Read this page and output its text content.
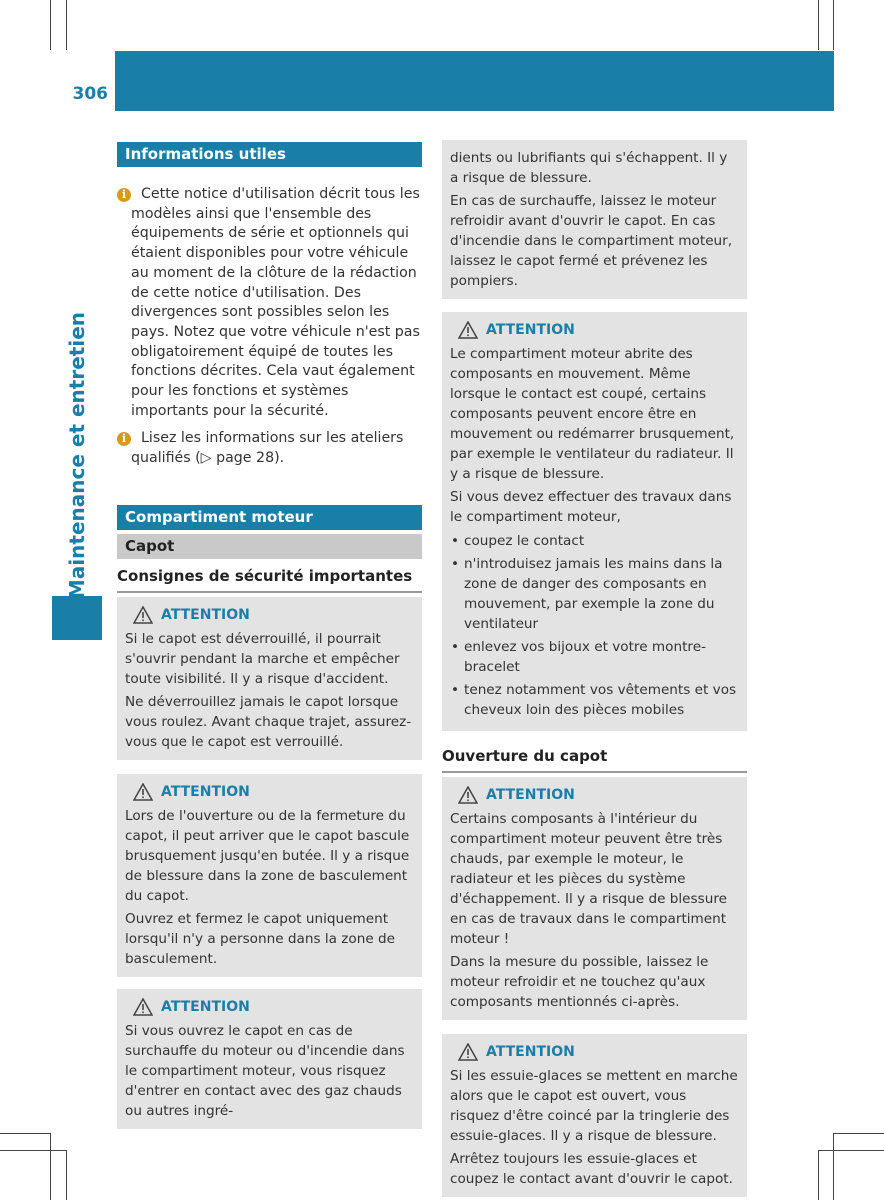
306 Compartiment moteur
Maintenance et entretien
Informations utiles
i	Cette notice d'utilisation décrit tous les modèles ainsi que l'ensemble des équipements de série et optionnels qui étaient disponibles pour votre véhicule au moment de la clôture de la rédaction de cette notice d'utilisation. Des divergences sont possibles selon les pays. Notez que votre véhicule n'est pas obligatoirement équipé de toutes les fonctions décrites. Cela vaut également pour les fonctions et systèmes importants pour la sécurité.
i	Lisez les informations sur les ateliers qualifiés (▷ page 28).
Compartiment moteur
Capot
Consignes de sécurité importantes
ATTENTION

Si le capot est déverrouillé, il pourrait s'ouvrir pendant la marche et empêcher toute visibilité. Il y a risque d'accident.

Ne déverrouillez jamais le capot lorsque vous roulez. Avant chaque trajet, assurez-vous que le capot est verrouillé.

ATTENTION

Lors de l'ouverture ou de la fermeture du capot, il peut arriver que le capot bascule brusquement jusqu'en butée. Il y a risque de blessure dans la zone de basculement du capot.

Ouvrez et fermez le capot uniquement lorsqu'il n'y a personne dans la zone de basculement.

ATTENTION

Si vous ouvrez le capot en cas de surchauffe du moteur ou d'incendie dans le compartiment moteur, vous risquez d'entrer en contact avec des gaz chauds ou autres ingré-

dients ou lubrifiants qui s'échappent. Il y a risque de blessure.

En cas de surchauffe, laissez le moteur refroidir avant d'ouvrir le capot. En cas d'incendie dans le compartiment moteur, laissez le capot fermé et prévenez les pompiers.

ATTENTION

Le compartiment moteur abrite des composants en mouvement. Même lorsque le contact est coupé, certains composants peuvent encore être en mouvement ou redémarrer brusquement, par exemple le ventilateur du radiateur. Il y a risque de blessure.

Si vous devez effectuer des travaux dans le compartiment moteur,

• coupez le contact
• n'introduisez jamais les mains dans la zone de danger des composants en mouvement, par exemple la zone du ventilateur
• enlevez vos bijoux et votre montre-bracelet
• tenez notamment vos vêtements et vos cheveux loin des pièces mobiles
Ouverture du capot
ATTENTION

Certains composants à l'intérieur du compartiment moteur peuvent être très chauds, par exemple le moteur, le radiateur et les pièces du système d'échappement. Il y a risque de blessure en cas de travaux dans le compartiment moteur !

Dans la mesure du possible, laissez le moteur refroidir et ne touchez qu'aux composants mentionnés ci-après.

ATTENTION

Si les essuie-glaces se mettent en marche alors que le capot est ouvert, vous risquez d'être coincé par la tringlerie des essuie-glaces. Il y a risque de blessure.

Arrêtez toujours les essuie-glaces et coupez le contact avant d'ouvrir le capot.
